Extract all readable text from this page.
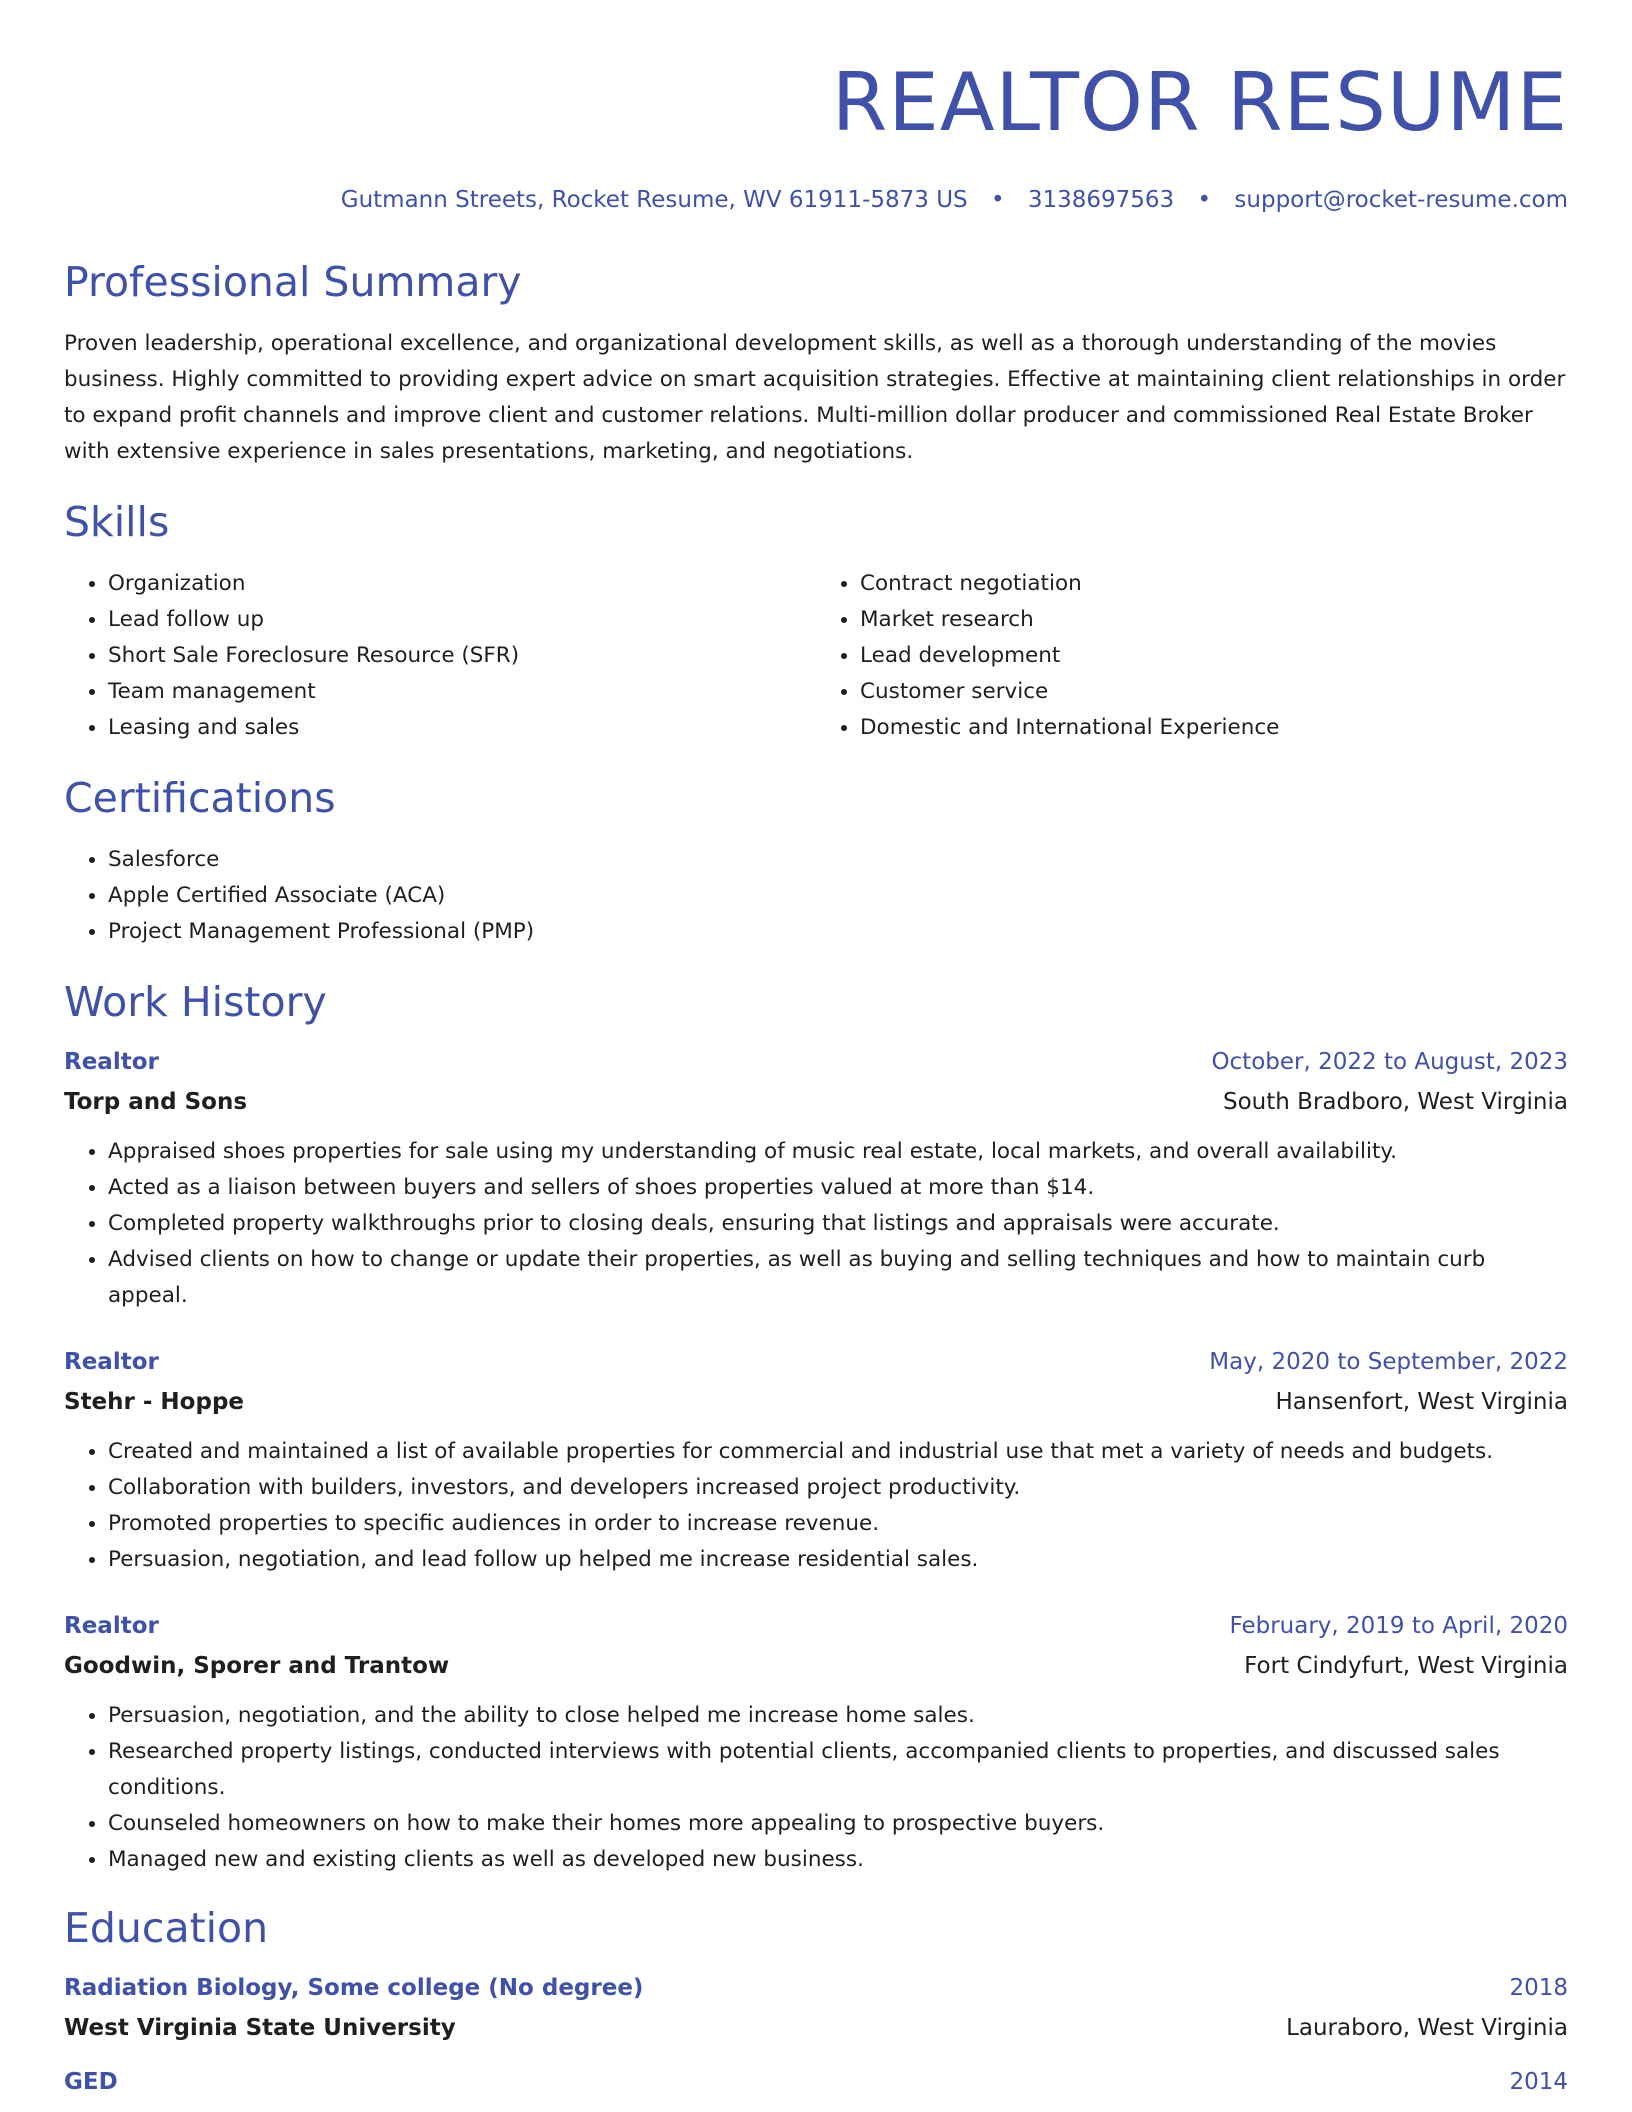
REALTOR RESUME
Gutmann Streets, Rocket Resume, WV 61911-5873 US • 3138697563 • support@rocket-resume.com
Professional Summary

Proven leadership, operational excellence, and organizational development skills, as well as a thorough understanding of the movies business. Highly committed to providing expert advice on smart acquisition strategies. Effective at maintaining client relationships in order to expand profit channels and improve client and customer relations. Multi-million dollar producer and commissioned Real Estate Broker with extensive experience in sales presentations, marketing, and negotiations.

Skills
• Organization
• Lead follow up
• Short Sale Foreclosure Resource (SFR)
• Team management
• Leasing and sales
• Contract negotiation
• Market research
• Lead development
• Customer service
• Domestic and International Experience
Certifications
• Salesforce
• Apple Certified Associate (ACA)
• Project Management Professional (PMP)
Work History
Realtor	October, 2022 to August, 2023
Torp and Sons	South Bradboro, West Virginia
• Appraised shoes properties for sale using my understanding of music real estate, local markets, and overall availability.
• Acted as a liaison between buyers and sellers of shoes properties valued at more than $14.
• Completed property walkthroughs prior to closing deals, ensuring that listings and appraisals were accurate.
• Advised clients on how to change or update their properties, as well as buying and selling techniques and how to maintain curb appeal.
Realtor	May, 2020 to September, 2022
Stehr - Hoppe	Hansenfort, West Virginia
• Created and maintained a list of available properties for commercial and industrial use that met a variety of needs and budgets.
• Collaboration with builders, investors, and developers increased project productivity.
• Promoted properties to specific audiences in order to increase revenue.
• Persuasion, negotiation, and lead follow up helped me increase residential sales.
Realtor	February, 2019 to April, 2020
Goodwin, Sporer and Trantow	Fort Cindyfurt, West Virginia
• Persuasion, negotiation, and the ability to close helped me increase home sales.
• Researched property listings, conducted interviews with potential clients, accompanied clients to properties, and discussed sales conditions.
• Counseled homeowners on how to make their homes more appealing to prospective buyers.
• Managed new and existing clients as well as developed new business.
Education
Radiation Biology, Some college (No degree)	2018
West Virginia State University	Lauraboro, West Virginia
GED	2014
